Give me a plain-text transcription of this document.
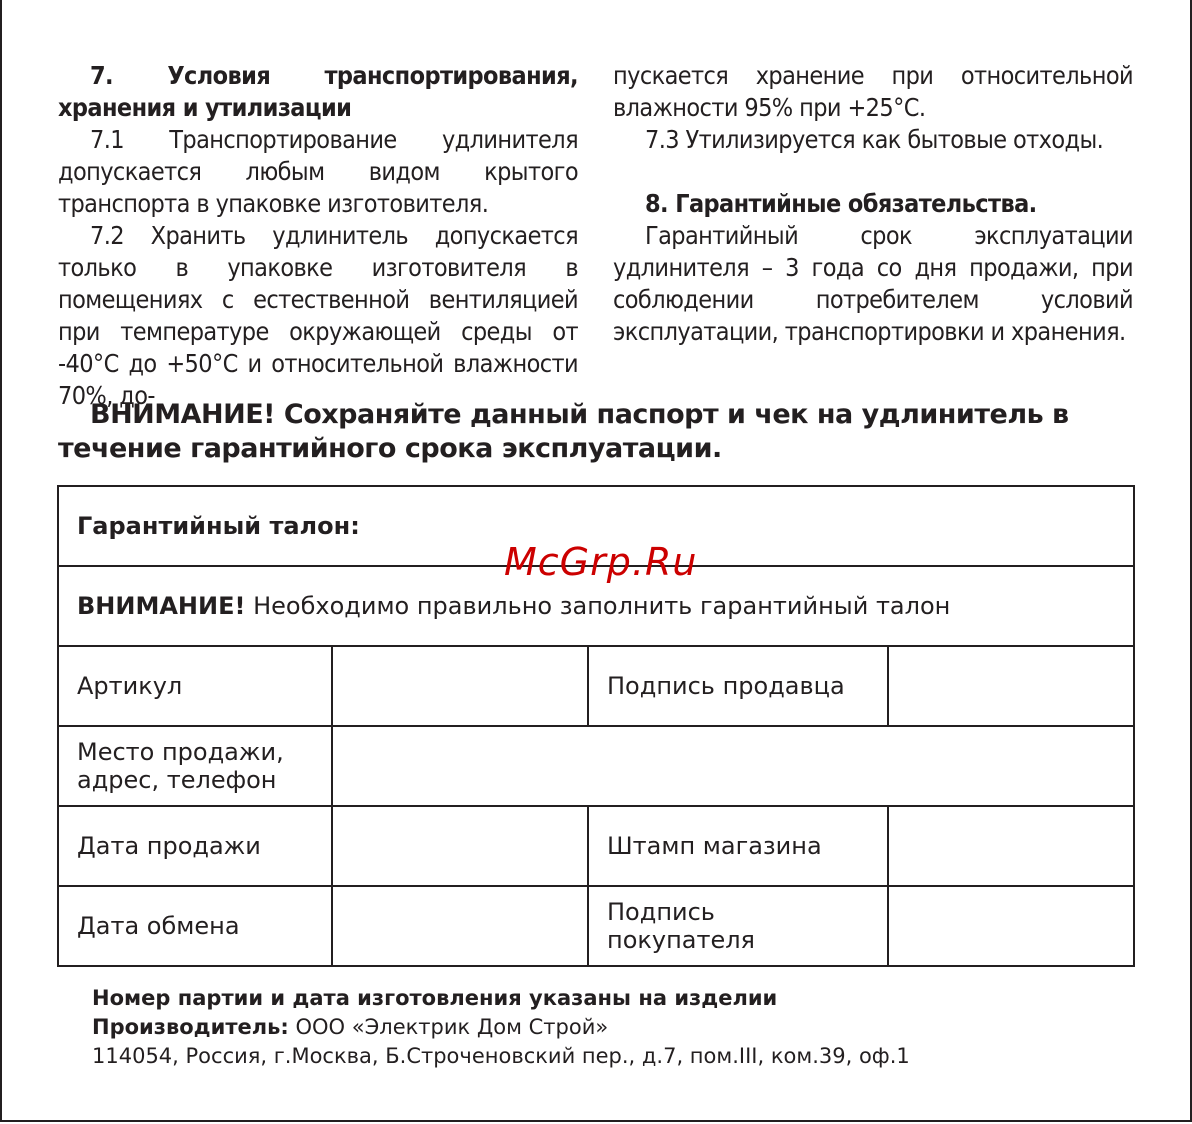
7. Условия транспортирования, хранения и утилизации

7.1 Транспортирование удлинителя допускается любым видом крытого транспорта в упаковке изготовителя.

7.2 Хранить удлинитель допускается только в упаковке изготовителя в помещениях с естественной вентиляцией при температуре окружающей среды от -40°С до +50°С и относительной влажности 70%, до-

пускается хранение при относительной влажности 95% при +25°С.

7.3 Утилизируется как бытовые отходы.

8. Гарантийные обязательства.

Гарантийный срок эксплуатации удлинителя – 3 года со дня продажи, при соблюдении потребителем условий эксплуатации, транспортировки и хранения.

ВНИМАНИЕ! Сохраняйте данный паспорт и чек на удлинитель в течение гарантийного срока эксплуатации.
Гарантийный талон:			
ВНИМАНИЕ! Необходимо правильно заполнить гарантийный талон			
Артикул		Подпись продавца	
Место продажи, адрес, телефон			
Дата продажи		Штамп магазина	
Дата обмена		Подпись покупателя	
McGrp.Ru
Номер партии и дата изготовления указаны на изделии
Производитель: ООО «Электрик Дом Строй»
114054, Россия, г.Москва, Б.Строченовский пер., д.7, пом.III, ком.39, оф.1
